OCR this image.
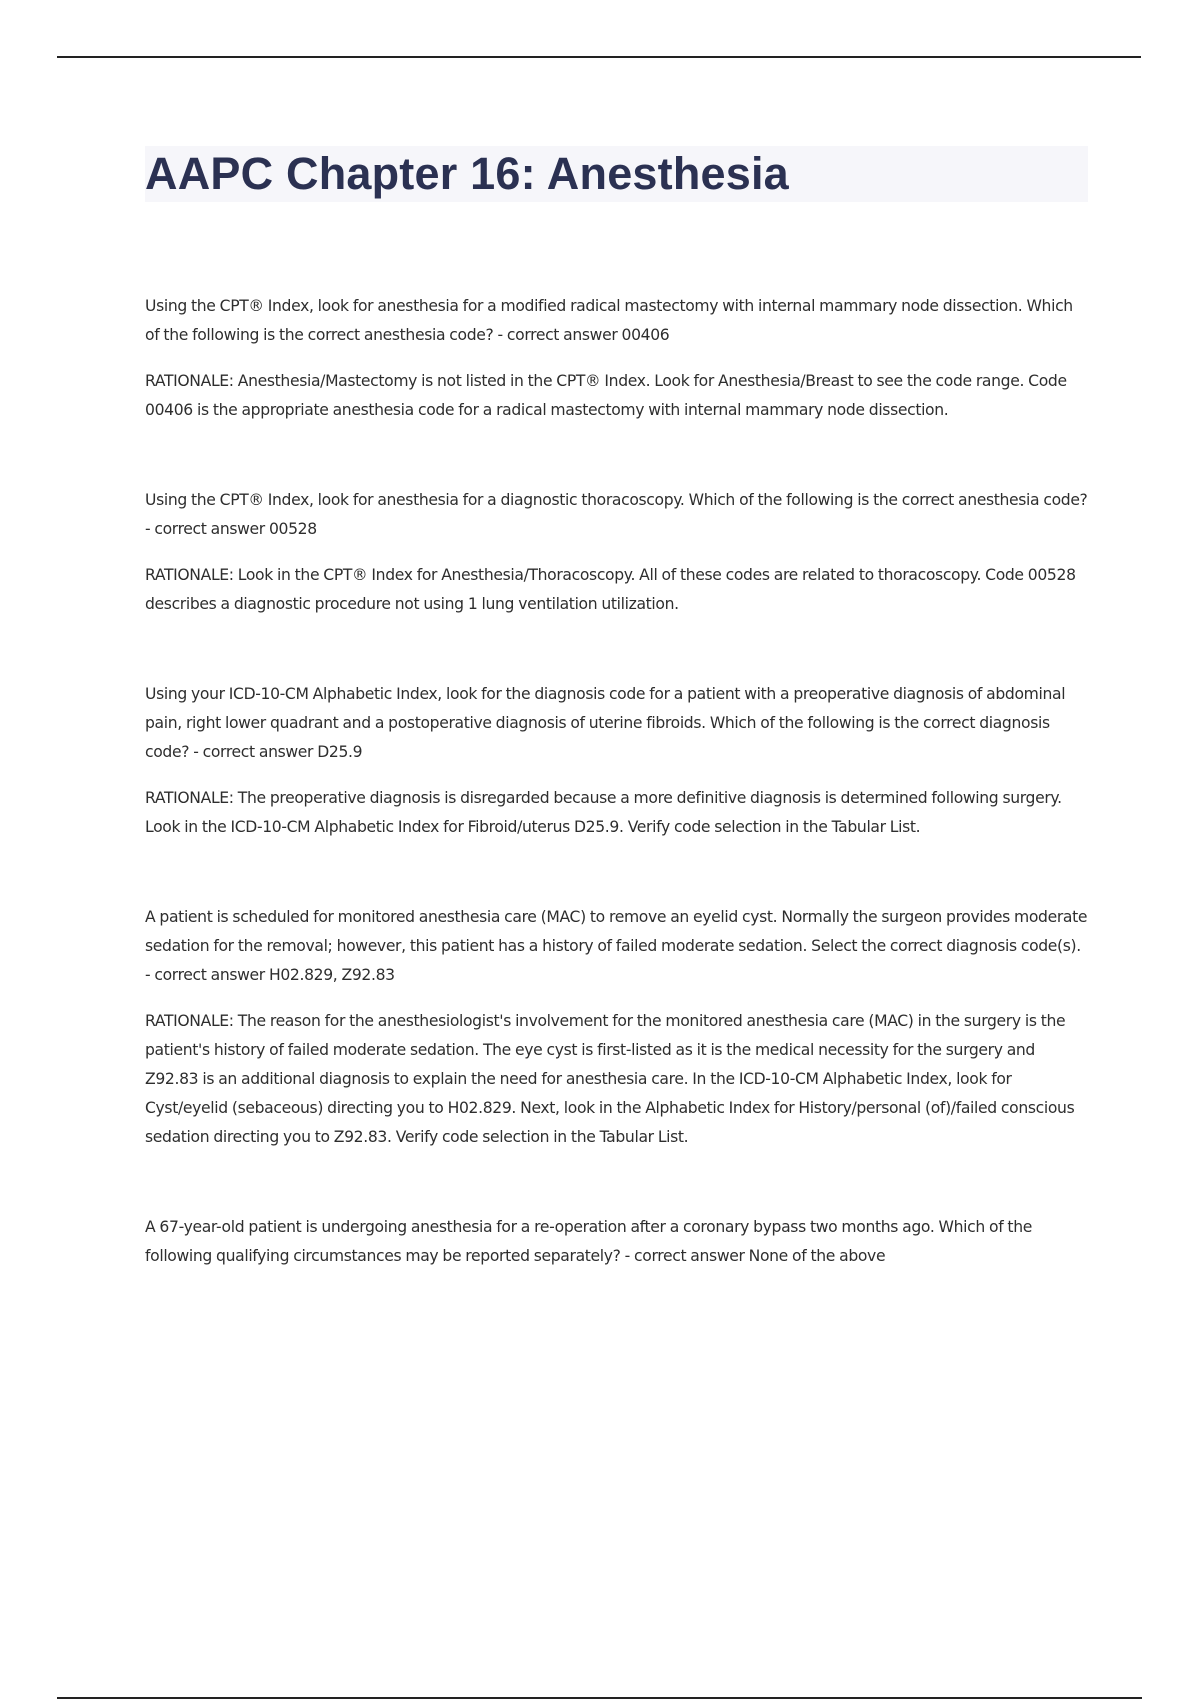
AAPC Chapter 16: Anesthesia

Using the CPT® Index, look for anesthesia for a modified radical mastectomy with internal mammary node dissection. Which of the following is the correct anesthesia code? - correct answer 00406

RATIONALE: Anesthesia/Mastectomy is not listed in the CPT® Index. Look for Anesthesia/Breast to see the code range. Code 00406 is the appropriate anesthesia code for a radical mastectomy with internal mammary node dissection.

Using the CPT® Index, look for anesthesia for a diagnostic thoracoscopy. Which of the following is the correct anesthesia code? - correct answer 00528

RATIONALE: Look in the CPT® Index for Anesthesia/Thoracoscopy. All of these codes are related to thoracoscopy. Code 00528 describes a diagnostic procedure not using 1 lung ventilation utilization.

Using your ICD-10-CM Alphabetic Index, look for the diagnosis code for a patient with a preoperative diagnosis of abdominal pain, right lower quadrant and a postoperative diagnosis of uterine fibroids. Which of the following is the correct diagnosis code? - correct answer D25.9

RATIONALE: The preoperative diagnosis is disregarded because a more definitive diagnosis is determined following surgery. Look in the ICD-10-CM Alphabetic Index for Fibroid/uterus D25.9. Verify code selection in the Tabular List.

A patient is scheduled for monitored anesthesia care (MAC) to remove an eyelid cyst. Normally the surgeon provides moderate sedation for the removal; however, this patient has a history of failed moderate sedation. Select the correct diagnosis code(s). - correct answer H02.829, Z92.83

RATIONALE: The reason for the anesthesiologist's involvement for the monitored anesthesia care (MAC) in the surgery is the patient's history of failed moderate sedation. The eye cyst is first-listed as it is the medical necessity for the surgery and Z92.83 is an additional diagnosis to explain the need for anesthesia care. In the ICD-10-CM Alphabetic Index, look for Cyst/eyelid (sebaceous) directing you to H02.829. Next, look in the Alphabetic Index for History/personal (of)/failed conscious sedation directing you to Z92.83. Verify code selection in the Tabular List.

A 67-year-old patient is undergoing anesthesia for a re-operation after a coronary bypass two months ago. Which of the following qualifying circumstances may be reported separately? - correct answer None of the above
